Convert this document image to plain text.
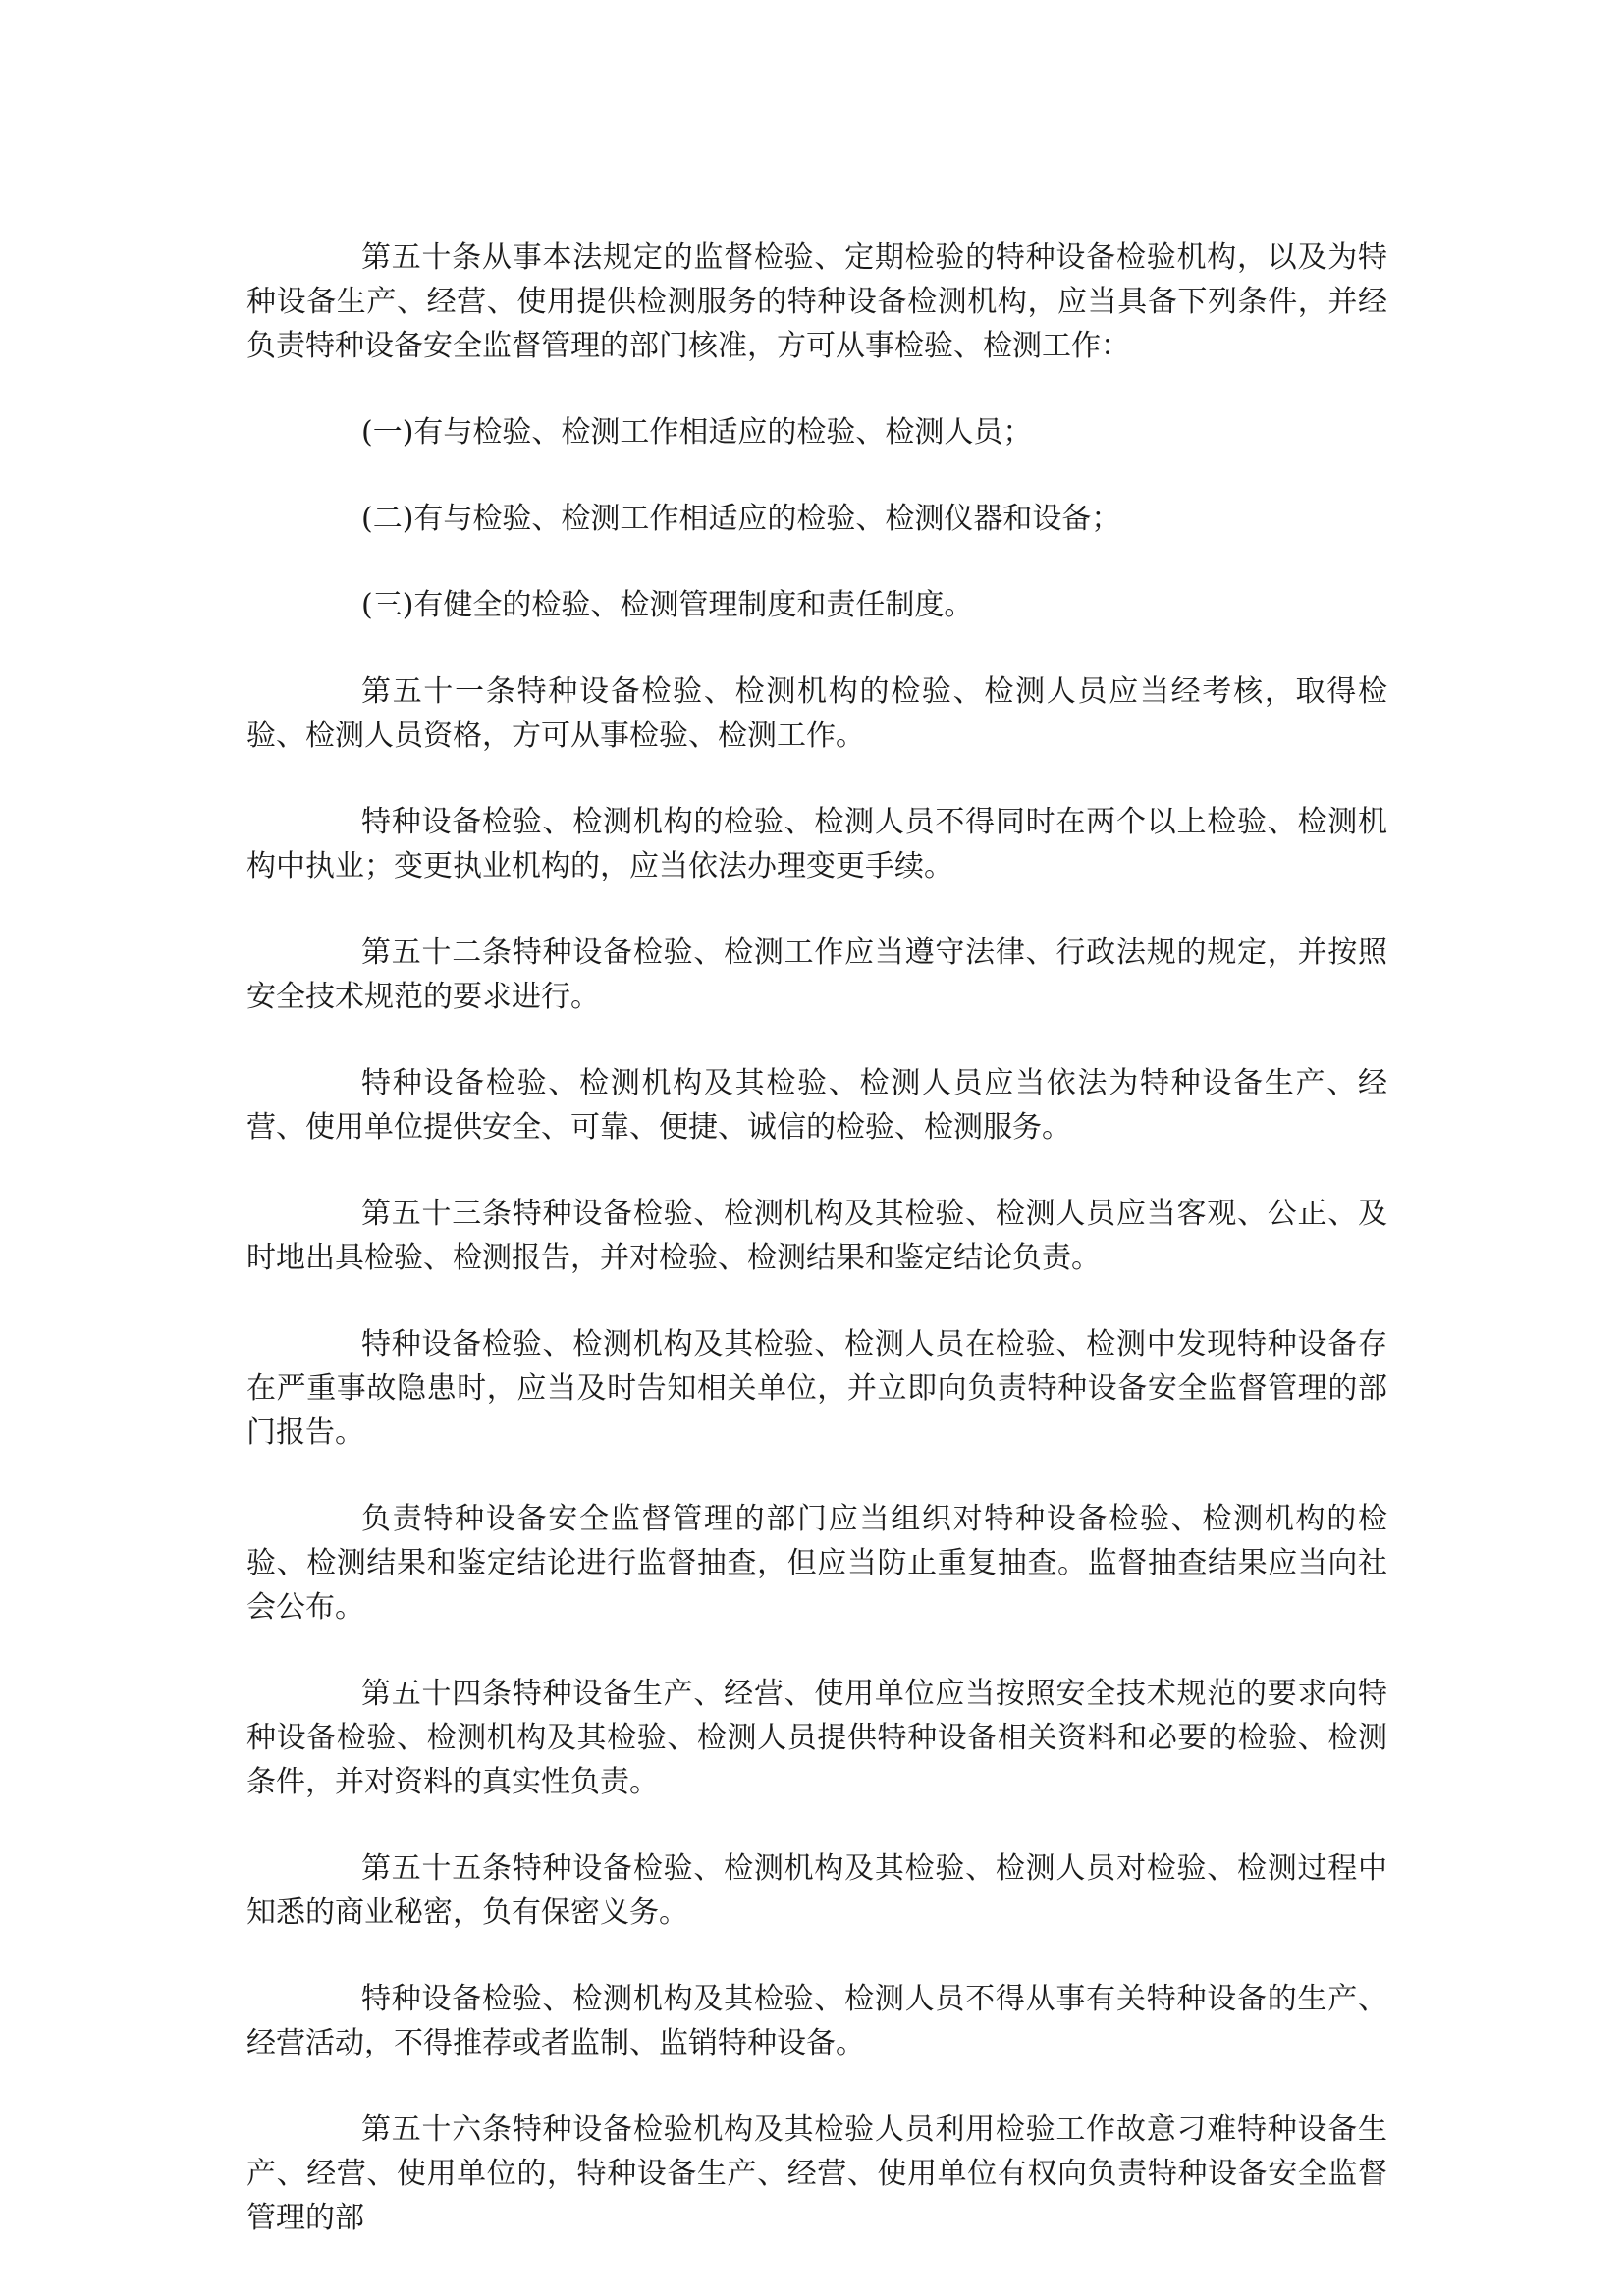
第五十条从事本法规定的监督检验、定期检验的特种设备检验机构，以及为特种设备生产、经营、使用提供检测服务的特种设备检测机构，应当具备下列条件，并经负责特种设备安全监督管理的部门核准，方可从事检验、检测工作：

(一)有与检验、检测工作相适应的检验、检测人员；

(二)有与检验、检测工作相适应的检验、检测仪器和设备；

(三)有健全的检验、检测管理制度和责任制度。

第五十一条特种设备检验、检测机构的检验、检测人员应当经考核，取得检验、检测人员资格，方可从事检验、检测工作。

特种设备检验、检测机构的检验、检测人员不得同时在两个以上检验、检测机构中执业；变更执业机构的，应当依法办理变更手续。

第五十二条特种设备检验、检测工作应当遵守法律、行政法规的规定，并按照安全技术规范的要求进行。

特种设备检验、检测机构及其检验、检测人员应当依法为特种设备生产、经营、使用单位提供安全、可靠、便捷、诚信的检验、检测服务。

第五十三条特种设备检验、检测机构及其检验、检测人员应当客观、公正、及时地出具检验、检测报告，并对检验、检测结果和鉴定结论负责。

特种设备检验、检测机构及其检验、检测人员在检验、检测中发现特种设备存在严重事故隐患时，应当及时告知相关单位，并立即向负责特种设备安全监督管理的部门报告。

负责特种设备安全监督管理的部门应当组织对特种设备检验、检测机构的检验、检测结果和鉴定结论进行监督抽查，但应当防止重复抽查。监督抽查结果应当向社会公布。

第五十四条特种设备生产、经营、使用单位应当按照安全技术规范的要求向特种设备检验、检测机构及其检验、检测人员提供特种设备相关资料和必要的检验、检测条件，并对资料的真实性负责。

第五十五条特种设备检验、检测机构及其检验、检测人员对检验、检测过程中知悉的商业秘密，负有保密义务。

特种设备检验、检测机构及其检验、检测人员不得从事有关特种设备的生产、经营活动，不得推荐或者监制、监销特种设备。

第五十六条特种设备检验机构及其检验人员利用检验工作故意刁难特种设备生产、经营、使用单位的，特种设备生产、经营、使用单位有权向负责特种设备安全监督管理的部
